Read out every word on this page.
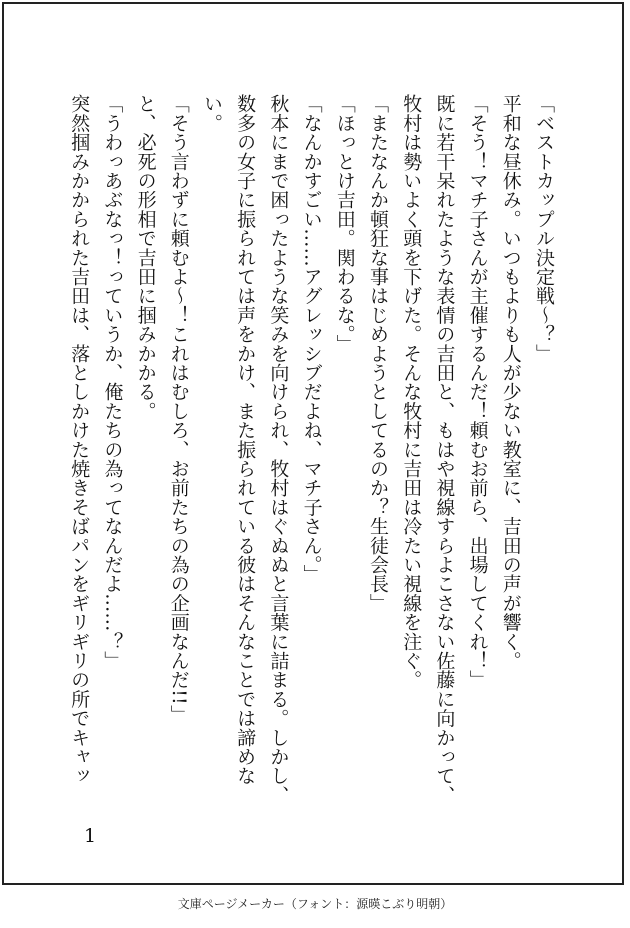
「ベストカップル決定戦～？」

平和な昼休み。いつもよりも人が少ない教室に、吉田の声が響く。

「そう！マチ子さんが主催するんだ！頼むお前ら、出場してくれ！」

既に若干呆れたような表情の吉田と、もはや視線すらよこさない佐藤に向かって、

牧村は勢いよく頭を下げた。そんな牧村に吉田は冷たい視線を注ぐ。

「またなんか頓狂な事はじめようとしてるのか？生徒会長」

「ほっとけ吉田。関わるな。」

「なんかすごい……アグレッシブだよね、マチ子さん。」

秋本にまで困ったような笑みを向けられ、牧村はぐぬぬと言葉に詰まる。しかし、

数多の女子に振られては声をかけ、また振られている彼はそんなことでは諦めな

い。

「そう言わずに頼むよ～！これはむしろ、お前たちの為の企画なんだ!!」

と、必死の形相で吉田に掴みかかる。

「うわっあぶなっ！っていうか、俺たちの為ってなんだよ……？」

突然掴みかかられた吉田は、落としかけた焼きそばパンをギリギリの所でキャッ

1
文庫ページメーカー（フォント：源暎こぶり明朝）
